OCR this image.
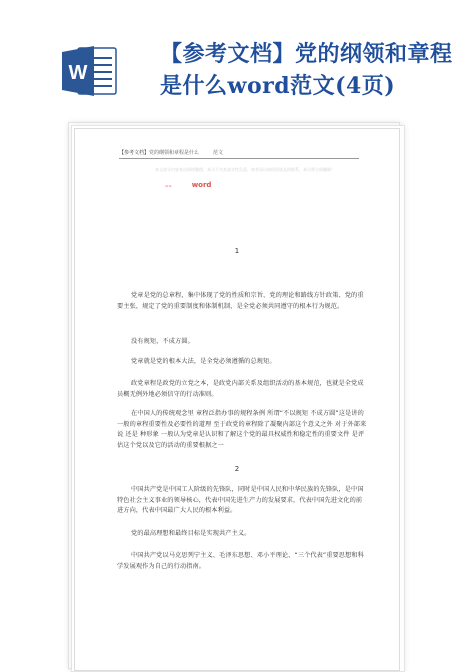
W
【参考文档】党的纲领和章程
是什么word范文(4页)
【参考文档】党的纲领和章程是什么	范文
本文部分内容来自网络整理，本司不为其真实性负责，如有异议或侵权请及时联系，本司将立即删除！
==	word
1
党章是党的总章程，集中体现了党的性质和宗旨、党的理论和路线方针政策、党的重要主张，规定了党的重要制度和体制机制，是全党必须共同遵守的根本行为规范。
没有规矩，不成方圆。
党章就是党的根本大法，是全党必须遵循的总规矩。
政党章程是政党的立党之本，是政党内部关系及组织活动的基本规范，也就是全党成员概无例外地必须信守的行动准则。
在中国人的传统观念里 章程泛指办事的规程条例 所谓“不以规矩 不成方圆”这是讲的一般的章程重要性及必要性的道理 至于政党的章程除了凝聚内部这个意义之外 对于外部来说 还是 种形象 一般认为党章是认识和了解这个党的最具权威性和稳定性的重要文件 是评估这个党以及它的活动的重要根据之一
2
中国共产党是中国工人阶级的先锋队，同时是中国人民和中华民族的先锋队，是中国特色社会主义事业的领导核心，代表中国先进生产力的发展要求，代表中国先进文化的前进方向，代表中国最广大人民的根本利益。
党的最高理想和最终目标是实现共产主义。
中国共产党以马克思列宁主义、毛泽东思想、邓小平理论、“三个代表”重要思想和科学发展观作为自己的行动指南。
